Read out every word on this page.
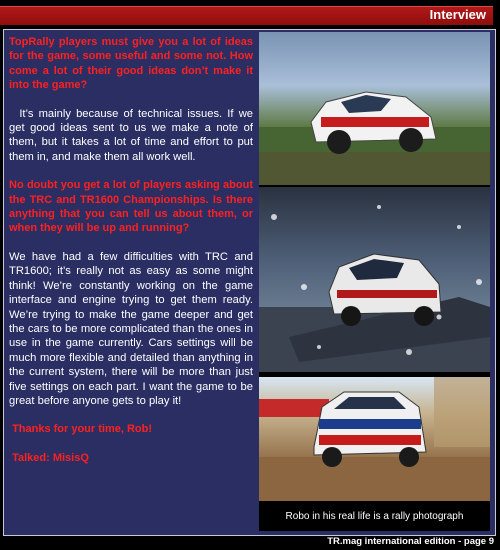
Interview

TopRally players must give you a lot of ideas for the game, some useful and some not. How come a lot of their good ideas don’t make it into the game?

It’s mainly because of technical issues. If we get good ideas sent to us we make a note of them, but it takes a lot of time and effort to put them in, and make them all work well.

No doubt you get a lot of players asking about the TRC and TR1600 Championships. Is there anything that you can tell us about them, or when they will be up and running?

We have had a few difficulties with TRC and TR1600; it’s really not as easy as some might think! We’re constantly working on the game interface and engine trying to get them ready. We’re trying to make the game deeper and get the cars to be more complicated than the ones in use in the game currently. Cars settings will be much more flexible and detailed than anything in the current system, there will be more than just five settings on each part. I want the game to be great before anyone gets to play it!

Thanks for your time, Rob!

Talked: MisisQ

Robo in his real life is a rally photograph
TR.mag international edition - page 9
